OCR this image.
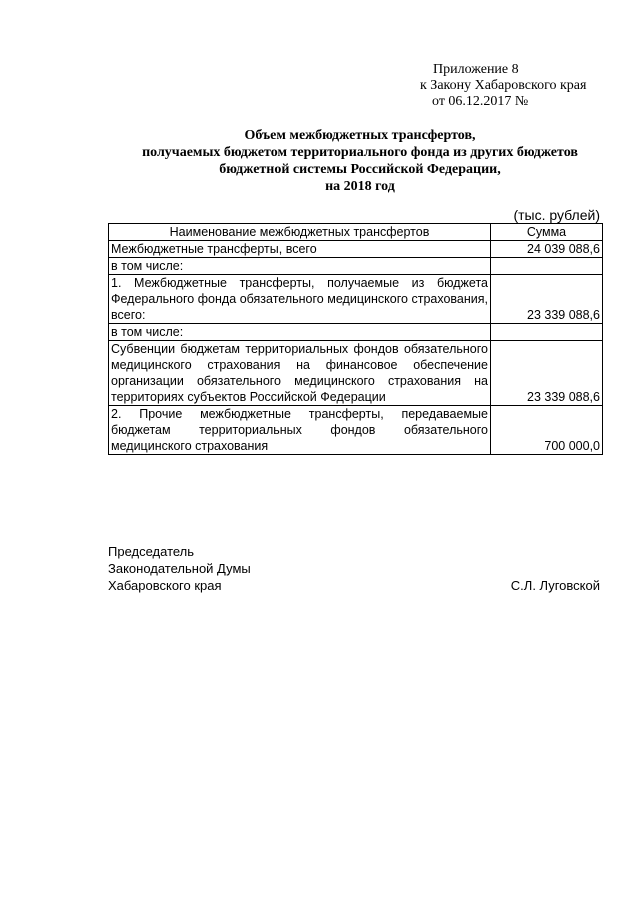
Приложение 8
к Закону Хабаровского края
от 06.12.2017 №
Объем межбюджетных трансфертов,
получаемых бюджетом территориального фонда из других бюджетов
бюджетной системы Российской Федерации,
на 2018 год
(тыс. рублей)
Наименование межбюджетных трансфертов	Сумма
Межбюджетные трансферты, всего	24 039 088,6
в том числе:	
1. Межбюджетные трансферты, получаемые из бюджета Федерального фонда обязательного медицинского страхования, всего:	23 339 088,6
в том числе:	
Субвенции бюджетам территориальных фондов обязательного медицинского страхования на финансовое обеспечение организации обязательного медицинского страхования на территориях субъектов Российской Федерации	23 339 088,6
2. Прочие межбюджетные трансферты, передаваемые бюджетам территориальных фондов обязательного медицинского страхования	700 000,0
Председатель
Законодательной Думы
Хабаровского края	С.Л. Луговской
